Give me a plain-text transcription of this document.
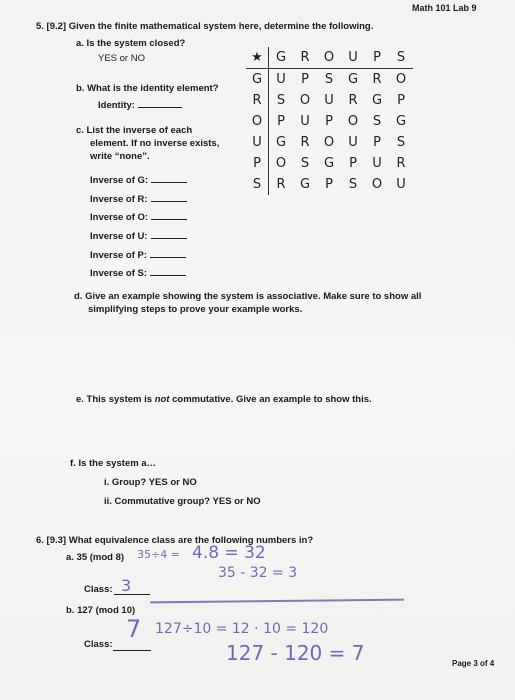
Math 101 Lab 9
5. [9.2] Given the finite mathematical system here, determine the following.
a. Is the system closed?
YES or NO
b. What is the identity element?
Identity:
c. List the inverse of each
element. If no inverse exists,
write “none”.
Inverse of G:
Inverse of R:
Inverse of O:
Inverse of U:
Inverse of P:
Inverse of S:
★	G	R	O	U	P	S
G	U	P	S	G	R	O
R	S	O	U	R	G	P
O	P	U	P	O	S	G
U	G	R	O	U	P	S
P	O	S	G	P	U	R
S	R	G	P	S	O	U
d. Give an example showing the system is associative. Make sure to show all
simplifying steps to prove your example works.
e. This system is not commutative. Give an example to show this.
f. Is the system a…
i. Group? YES or NO
ii. Commutative group? YES or NO
6. [9.3] What equivalence class are the following numbers in?
a. 35 (mod 8) 35÷4 = 4.8 = 32
35 - 32 = 3
Class: 3
b. 127 (mod 10)
Class:
7 127÷10 = 12 · 10 = 120
127 - 120 = 7	Page 3 of 4
